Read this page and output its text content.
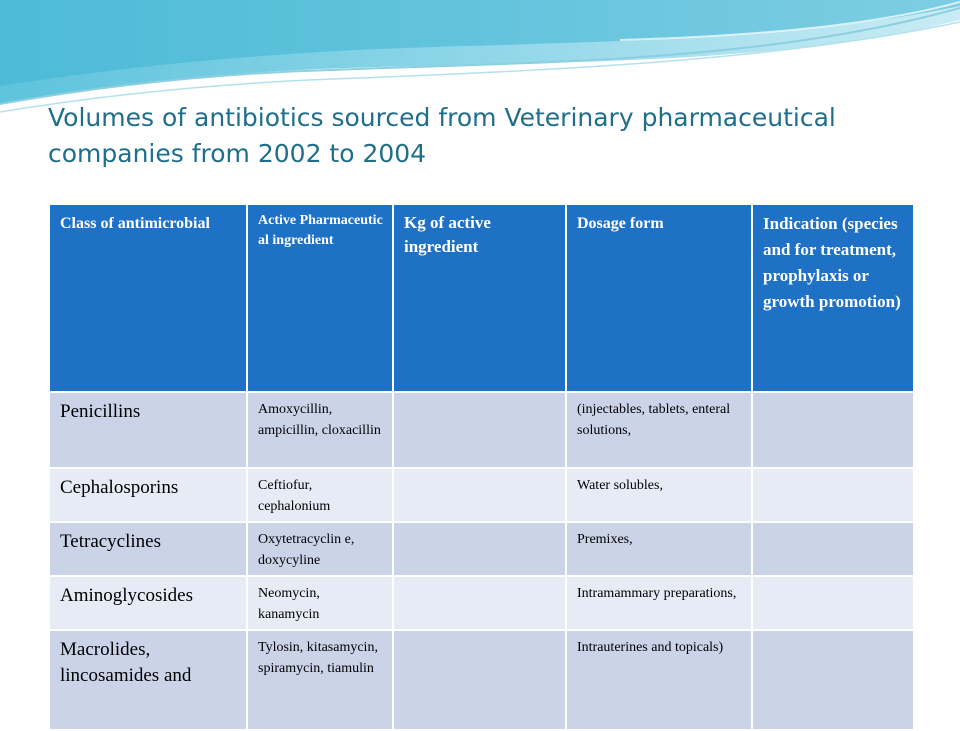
Volumes of antibiotics sourced from Veterinary pharmaceutical companies from 2002 to 2004
Class of antimicrobial	Active Pharmaceutic al ingredient	Kg of active ingredient	Dosage form	Indication (species and for treatment, prophylaxis or growth promotion)
Penicillins	Amoxycillin, ampicillin, cloxacillin		(injectables, tablets, enteral solutions,	
Cephalosporins	Ceftiofur, cephalonium		Water solubles,	
Tetracyclines	Oxytetracyclin e, doxycyline		Premixes,	
Aminoglycosides	Neomycin, kanamycin		Intramammary preparations,	
Macrolides, lincosamides and	Tylosin, kitasamycin, spiramycin, tiamulin		Intrauterines and topicals)	
